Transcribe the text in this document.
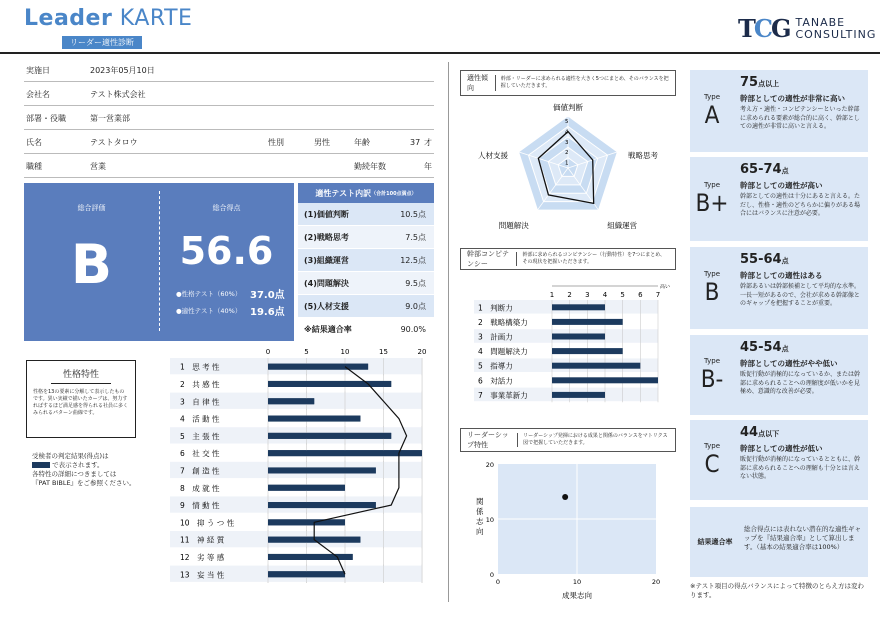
Leader KARTE
リーダー適性診断	TCG TANABE
CONSULTING
実施日	2023年05月10日
会社名	テスト株式会社
部署・役職	第一営業部
氏名	テストタロウ	性別	男性	年齢	37 才
職種	営業	勤続年数	年
総合評価
B
総合得点
56.6
●性格テスト（60%） 37.0点
●適性テスト（40%） 19.6点
適性テスト内訳 （合計100点満点）
(1)価値判断	10.5点
(2)戦略思考	7.5点
(3)組織運営	12.5点
(4)問題解決	9.5点
(5)人材支援	9.0点
※結果適合率	90.0%
性格特性
性格を13の要素に分解して表示したものです。異い実績で描いたカーブは、努力すればするほど満足感を得られる社員に多くみられるパターン曲線です。
受検者の判定結果(得点)は
で表示されます。
各特性の詳細につきましては
『PAT BIBLE』をご参照ください。
0	5	10	15	20
1　思 考 性
2　共 感 性
3　自 律 性
4　活 動 性
5　主 張 性
6　社 交 性
7　創 造 性
8　成 就 性
9　情 動 性
10　抑 う つ 性
11　神 経 質
12　劣 等 感
13　妄 当 性
適性傾向
幹部・リーダーに求められる適性を大きく5つにまとめ、そのバランスを把握していただきます。
5
4
3
2
1
価値判断
戦略思考
組織運営
問題解決
人材支援
幹部コンピテンシー
幹部に求められるコンピテンシー（行動特性）を7つにまとめ、その現状を把握いただきます。
高い
1 2 3 4 5 6 7
1　判断力
2　戦略構築力
3　計画力
4　問題解決力
5　指導力
6　対話力
7　事業革新力
リーダーシップ特性
リーダーシップ発揮における成果と関係のバランスをマトリクス図で把握していただきます。
0	10	20
20
10
0
成果志向
関係志向
Type
A
75点以上
幹部としての適性が非常に高い
考え方・適性・コンピテンシーといった幹部に求められる要素が総合的に高く、幹部としての適性が非常に高いと言える。
Type
B+
65-74点
幹部としての適性が高い
幹部としての適性は十分にあると言える。ただし、性格・適性のどちらかに偏りがある場合にはバランスに注意が必要。
Type
B
55-64点
幹部としての適性はある
幹部あるいは幹部候補として平均的な水準。一長一短があるので、会社が求める幹部像とのギャップを把握することが重要。
Type
B-
45-54点
幹部としての適性がやや低い
販促行動が消極的になっているか、または幹部に求められることへの理解度が低いかを見極め、意識的な改善が必要。
Type
C
44点以下
幹部としての適性が低い
販促行動が消極的になっているとともに、幹部に求められることへの理解も十分とは言えない状態。
結果適合率
総合得点には表れない潜在的な適性ギャップを『結果適合率』として算出します。（基本の結果適合率は100%）
※テスト項目の得点バランスによって特徴のとらえ方は変わります。
